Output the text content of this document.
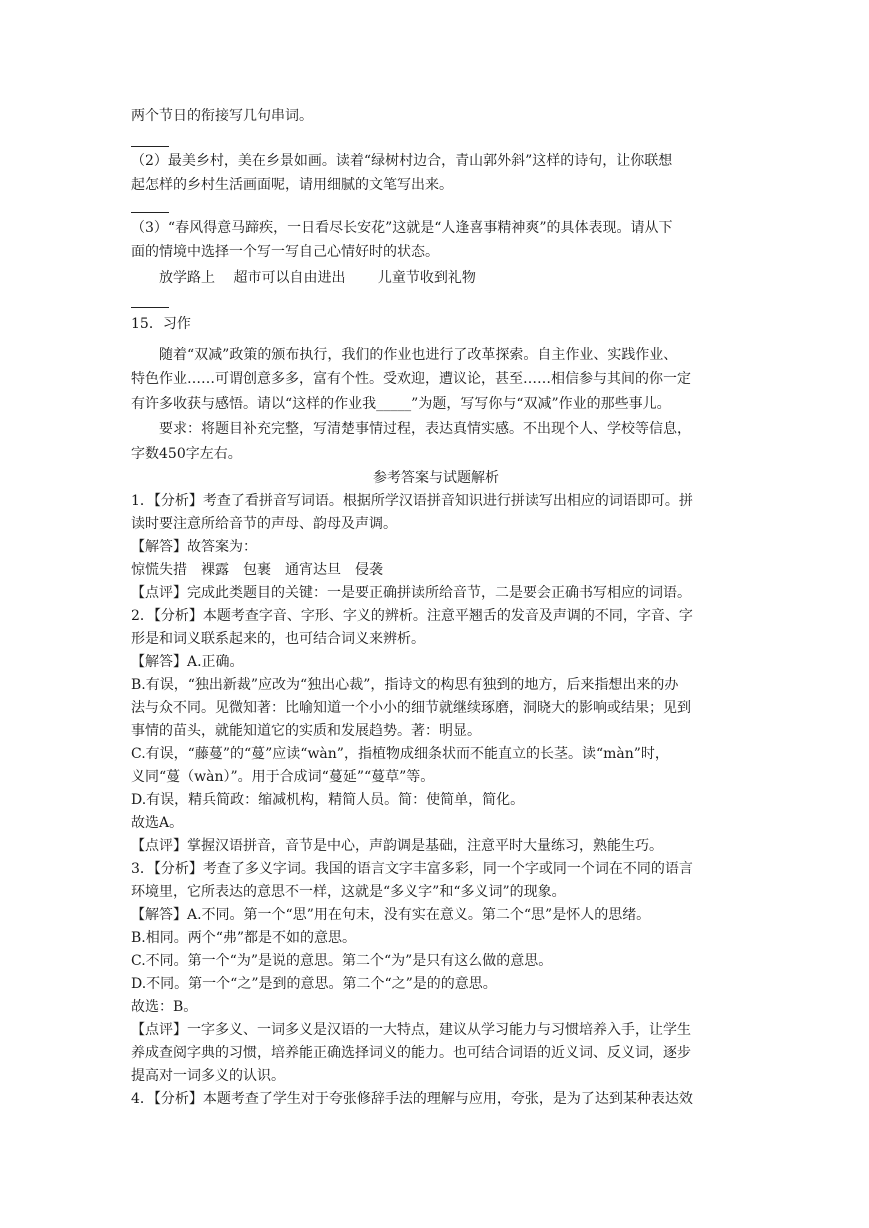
两个节日的衔接写几句串词。
（2）最美乡村，美在乡景如画。读着“绿树村边合，青山郭外斜”这样的诗句，让你联想
起怎样的乡村生活画面呢，请用细腻的文笔写出来。
（3）“春风得意马蹄疾，一日看尽长安花”这就是“人逢喜事精神爽”的具体表现。请从下
面的情境中选择一个写一写自己心情好时的状态。
放学路上　 超市可以自由进出　　 儿童节收到礼物
15．习作
随着“双减”政策的颁布执行，我们的作业也进行了改革探索。自主作业、实践作业、
特色作业……可谓创意多多，富有个性。受欢迎，遭议论，甚至……相信参与其间的你一定
有许多收获与感悟。请以“这样的作业我_____”为题，写写你与“双减”作业的那些事儿。
要求：将题目补充完整，写清楚事情过程，表达真情实感。不出现个人、学校等信息，
字数450字左右。
参考答案与试题解析
1．【分析】考查了看拼音写词语。根据所学汉语拼音知识进行拼读写出相应的词语即可。拼
读时要注意所给音节的声母、韵母及声调。
【解答】故答案为：
惊慌失措　裸露　包裹　通宵达旦　侵袭
【点评】完成此类题目的关键：一是要正确拼读所给音节，二是要会正确书写相应的词语。
2．【分析】本题考查字音、字形、字义的辨析。注意平翘舌的发音及声调的不同，字音、字
形是和词义联系起来的，也可结合词义来辨析。
【解答】A.正确。
B.有误，“独出新裁”应改为“独出心裁”，指诗文的构思有独到的地方，后来指想出来的办
法与众不同。见微知著：比喻知道一个小小的细节就继续琢磨，洞晓大的影响或结果；见到
事情的苗头，就能知道它的实质和发展趋势。著：明显。
C.有误，“藤蔓”的“蔓”应读“wàn”，指植物成细条状而不能直立的长茎。读“màn”时，
义同“蔓（wàn）”。用于合成词“蔓延”“蔓草”等。
D.有误，精兵简政：缩减机构，精简人员。简：使简单，简化。
故选A。
【点评】掌握汉语拼音，音节是中心，声韵调是基础，注意平时大量练习，熟能生巧。
3．【分析】考查了多义字词。我国的语言文字丰富多彩，同一个字或同一个词在不同的语言
环境里，它所表达的意思不一样，这就是“多义字”和“多义词”的现象。
【解答】A.不同。第一个“思”用在句末，没有实在意义。第二个“思”是怀人的思绪。
B.相同。两个“弗”都是不如的意思。
C.不同。第一个“为”是说的意思。第二个“为”是只有这么做的意思。
D.不同。第一个“之”是到的意思。第二个“之”是的的意思。
故选：B。
【点评】一字多义、一词多义是汉语的一大特点，建议从学习能力与习惯培养入手，让学生
养成查阅字典的习惯，培养能正确选择词义的能力。也可结合词语的近义词、反义词，逐步
提高对一词多义的认识。
4．【分析】本题考查了学生对于夸张修辞手法的理解与应用，夸张，是为了达到某种表达效
